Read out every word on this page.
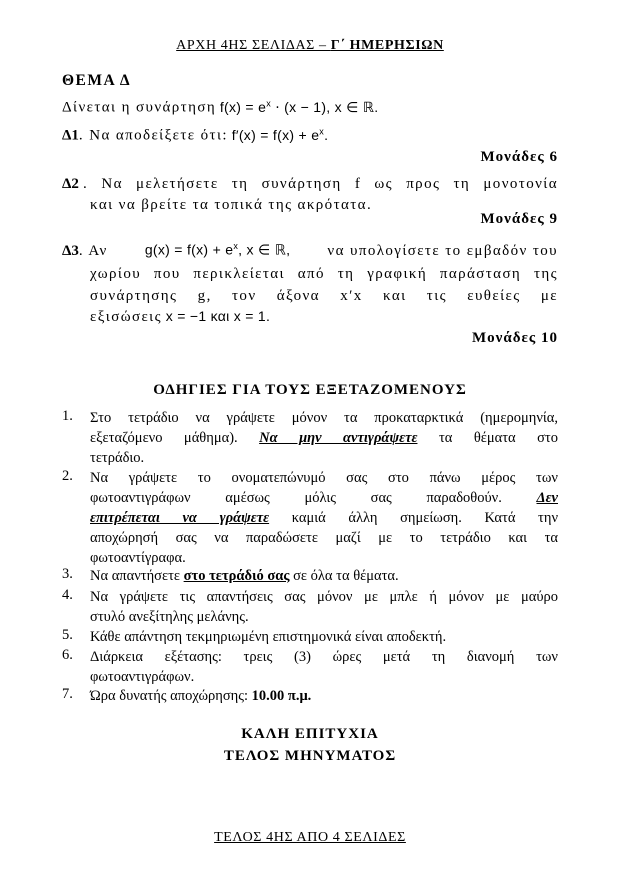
ΑΡΧΗ 4ΗΣ ΣΕΛΙΔΑΣ – Γ΄ ΗΜΕΡΗΣΙΩΝ
ΘΕΜΑ Δ
Δίνεται η συνάρτηση $f(x) = e^x \cdot (x - 1)$, x ∈ ℝ.
Δ1. Να αποδείξετε ότι: $f'(x) = f(x) + e^x$.
Μονάδες 6
Δ2 . Να μελετήσετε τη συνάρτηση f ως προς τη μονοτονία
και να βρείτε τα τοπικά της ακρότατα.
Μονάδες 9
Δ3. Αν	$g(x) = f(x) + e^x$, x ∈ ℝ, να υπολογίσετε το εμβαδόν του
χωρίου που περικλείεται από τη γραφική παράσταση της
συνάρτησης g, τον άξονα x′x και τις ευθείες με
εξισώσεις x = −1 και x = 1.
Μονάδες 10
ΟΔΗΓΙΕΣ ΓΙΑ ΤΟΥΣ ΕΞΕΤΑΖΟΜΕΝΟΥΣ
1. Στο τετράδιο να γράψετε μόνον τα προκαταρκτικά (ημερομηνία,
εξεταζόμενο μάθημα). Να μην αντιγράψετε τα θέματα στο
τετράδιο.
2. Να γράψετε το ονοματεπώνυμό σας στο πάνω μέρος των
φωτοαντιγράφων αμέσως μόλις σας παραδοθούν. Δεν
επιτρέπεται να γράψετε καμιά άλλη σημείωση. Κατά την
αποχώρησή σας να παραδώσετε μαζί με το τετράδιο και τα
φωτοαντίγραφα.
3. Να απαντήσετε στο τετράδιό σας σε όλα τα θέματα.
4. Να γράψετε τις απαντήσεις σας μόνον με μπλε ή μόνον με μαύρο
στυλό ανεξίτηλης μελάνης.
5. Κάθε απάντηση τεκμηριωμένη επιστημονικά είναι αποδεκτή.
6. Διάρκεια εξέτασης: τρεις (3) ώρες μετά τη διανομή των
φωτοαντιγράφων.
7. Ώρα δυνατής αποχώρησης: 10.00 π.μ.
ΚΑΛΗ ΕΠΙΤΥΧΙΑ
ΤΕΛΟΣ ΜΗΝΥΜΑΤΟΣ
ΤΕΛΟΣ 4ΗΣ ΑΠΟ 4 ΣΕΛΙΔΕΣ
